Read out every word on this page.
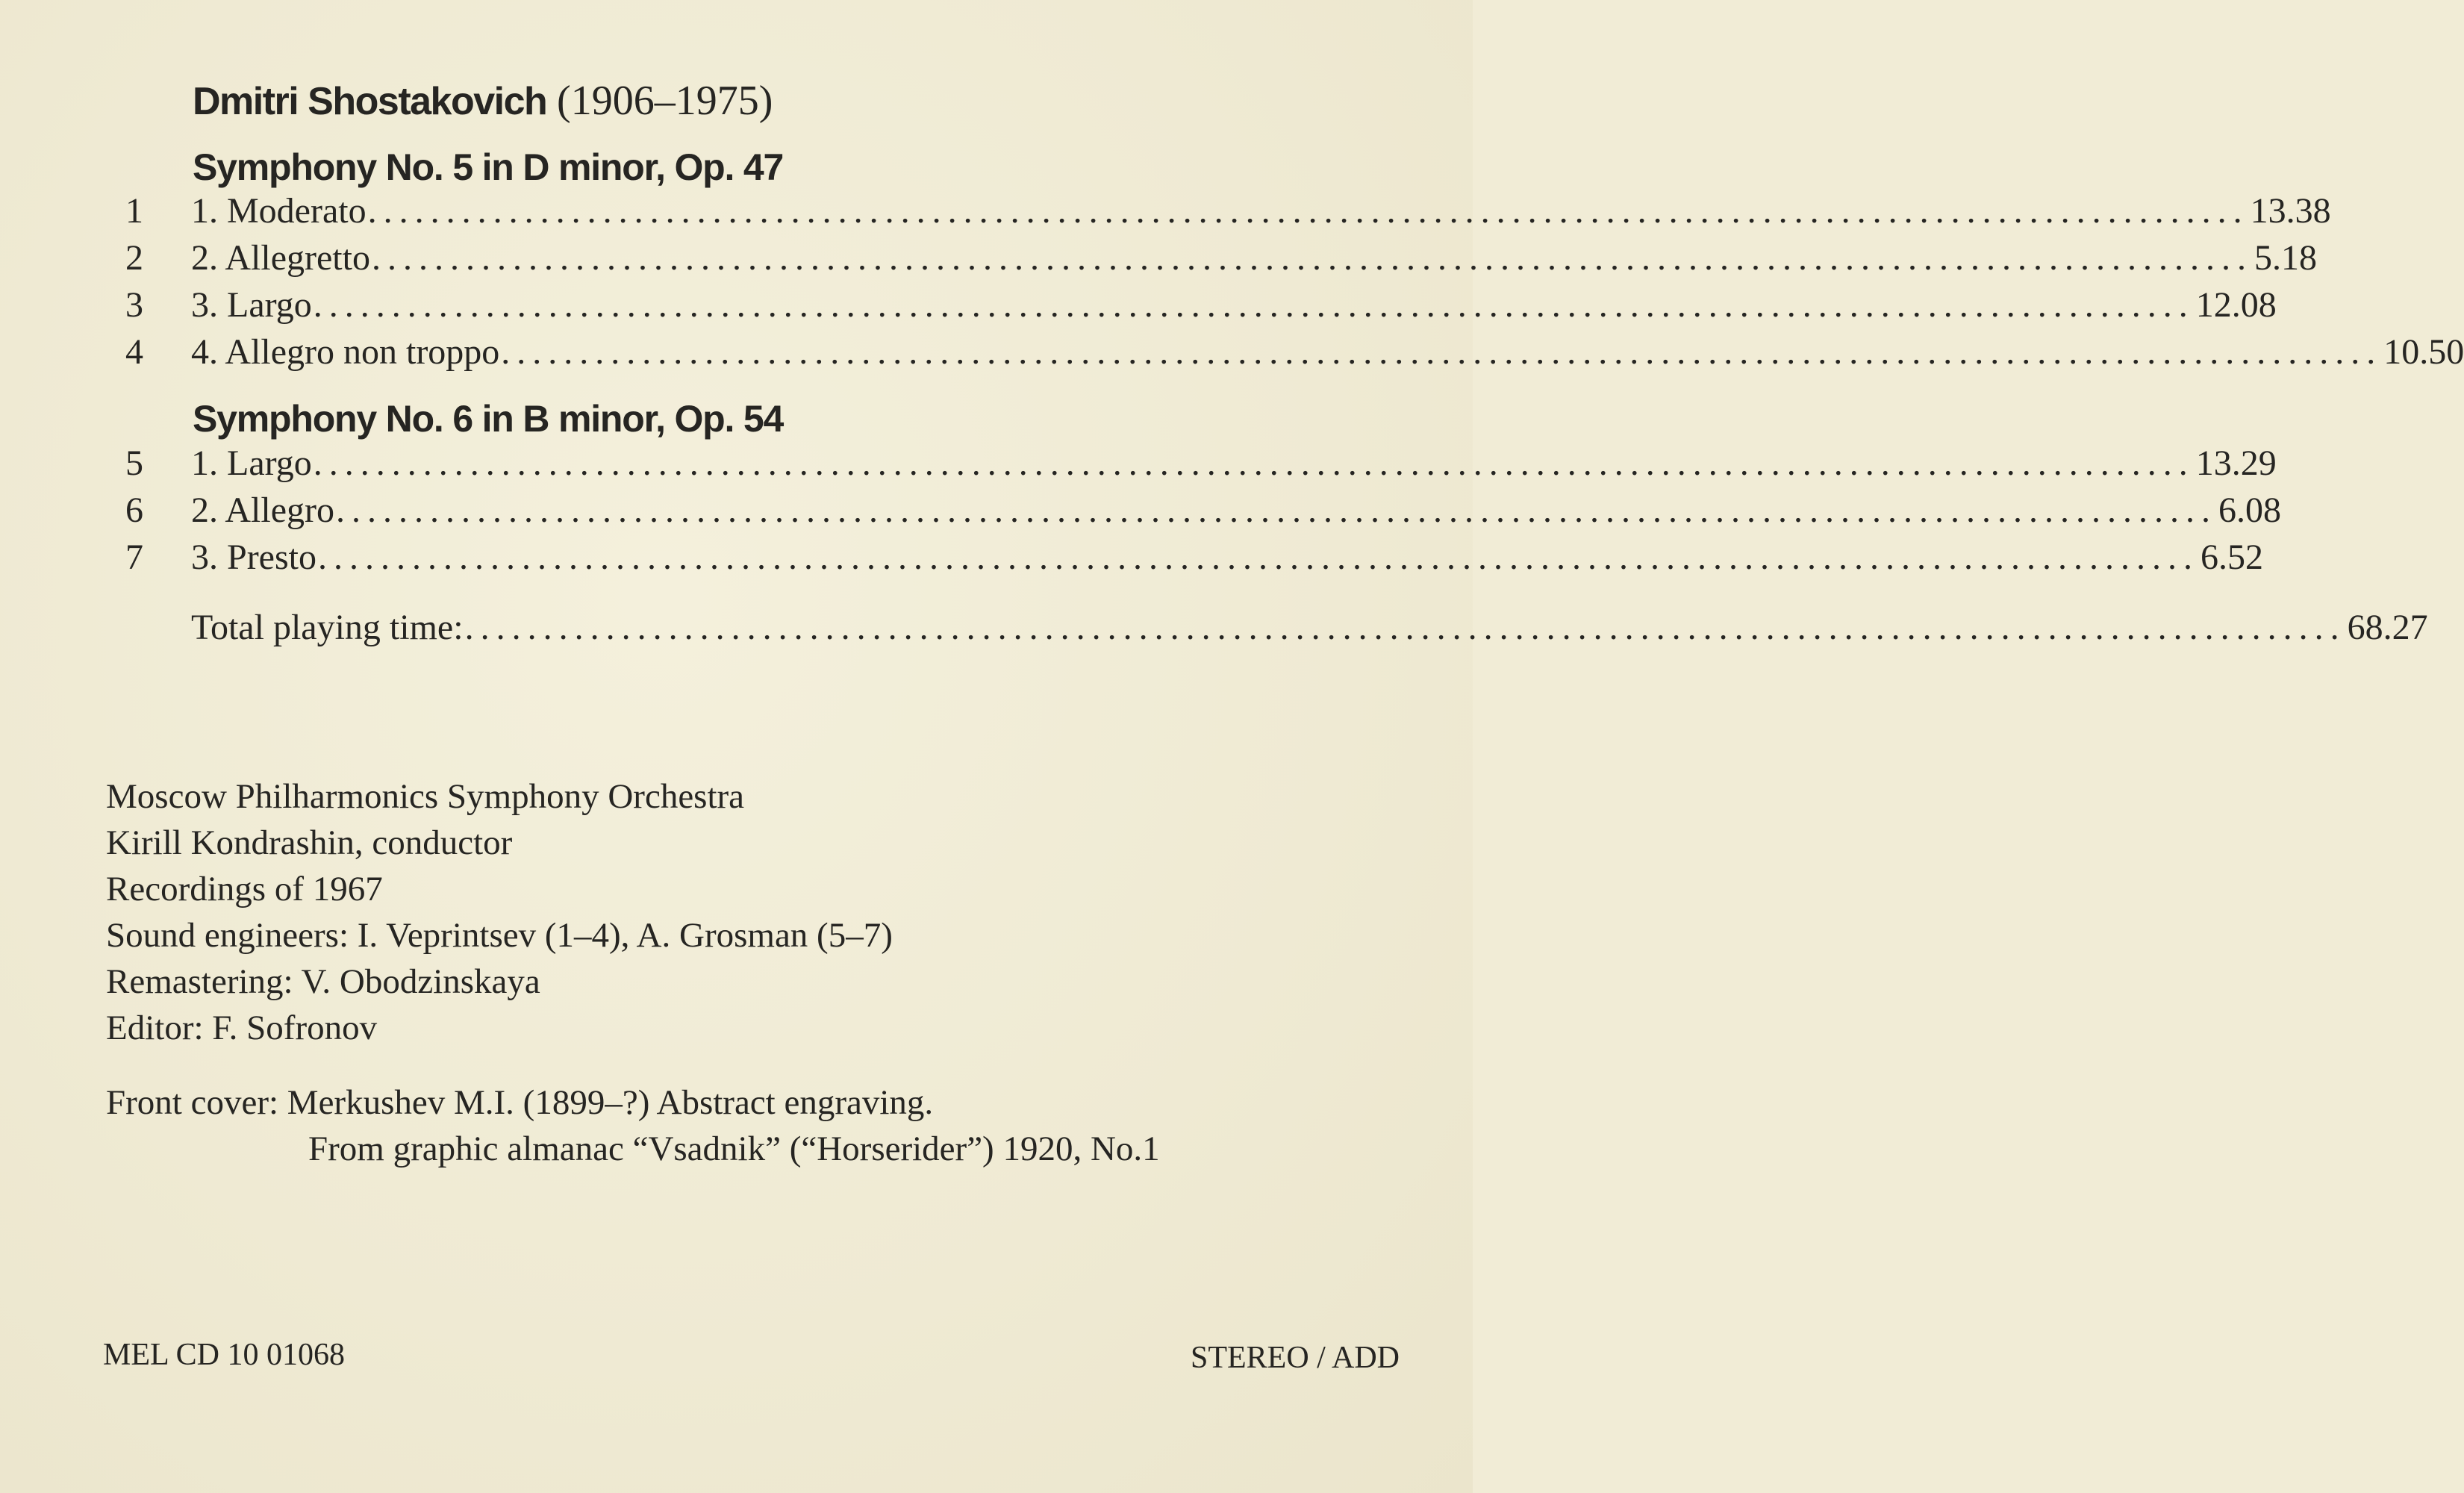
Dmitri Shostakovich (1906–1975)
Symphony No. 5 in D minor, Op. 47
1	1. Moderato ........................................................................................................................ 13.38
2	2. Allegretto ........................................................................................................................ 5.18
3	3. Largo ........................................................................................................................ 12.08
4	4. Allegro non troppo ........................................................................................................................ 10.50
5	1. Largo ........................................................................................................................ 13.29
6	2. Allegro ........................................................................................................................ 6.08
7	3. Presto ........................................................................................................................ 6.52
Symphony No. 6 in B minor, Op. 54
Total playing time: ........................................................................................................................ 68.27
Moscow Philharmonics Symphony Orchestra
Kirill Kondrashin, conductor
Recordings of 1967
Sound engineers: I. Veprintsev (1–4), A. Grosman (5–7)
Remastering: V. Obodzinskaya
Editor: F. Sofronov
Front cover: Merkushev M.I. (1899–?) Abstract engraving.
From graphic almanac “Vsadnik” (“Horserider”) 1920, No.1
MEL CD 10 01068	STEREO / ADD
